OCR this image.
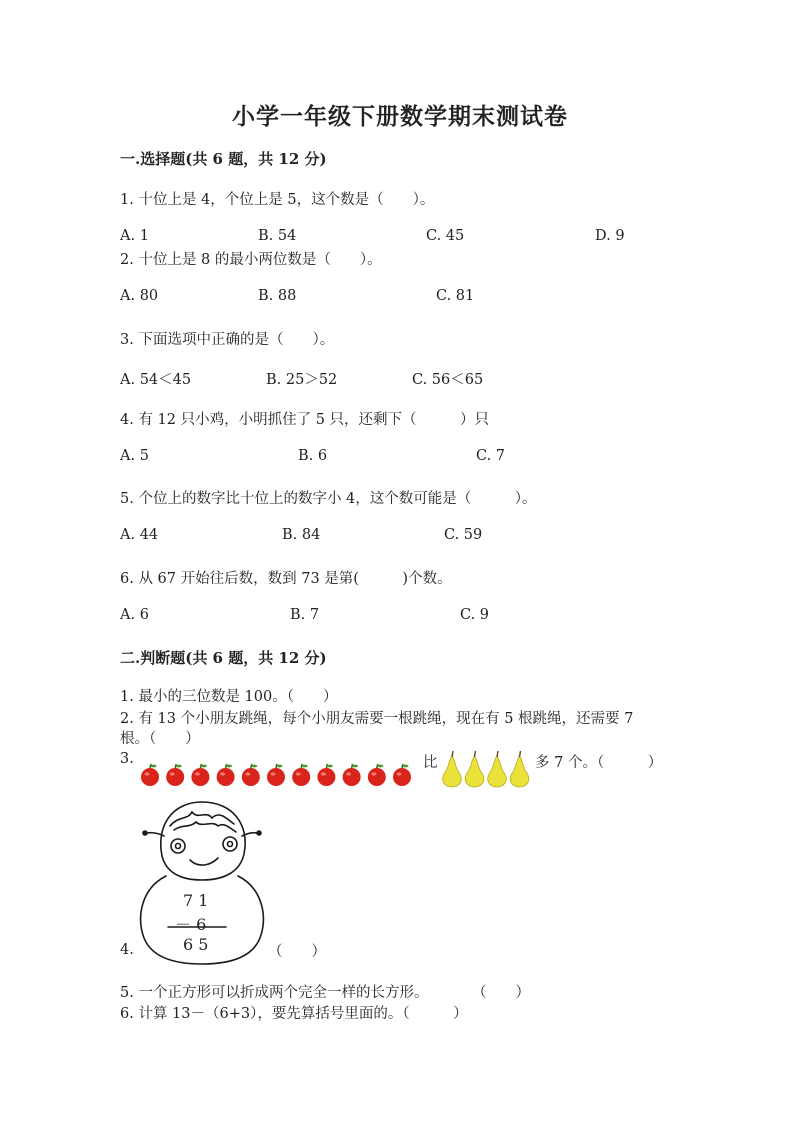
小学一年级下册数学期末测试卷
一.选择题(共 6 题，共 12 分)
1. 十位上是 4，个位上是 5，这个数是（　　）。
A. 1	B. 54	C. 45	D. 9
2. 十位上是 8 的最小两位数是（　　）。
A. 80	B. 88	C. 81
3. 下面选项中正确的是（　　）。
A. 54＜45	B. 25＞52	C. 56＜65
4. 有 12 只小鸡，小明抓住了 5 只，还剩下（　　　）只
A. 5	B. 6	C. 7
5. 个位上的数字比十位上的数字小 4，这个数可能是（　　　）。
A. 44	B. 84	C. 59
6. 从 67 开始往后数，数到 73 是第(　　　)个数。
A. 6	B. 7	C. 9
二.判断题(共 6 题，共 12 分)
1. 最小的三位数是 100。（　　）
2. 有 13 个小朋友跳绳，每个小朋友需要一根跳绳，现在有 5 根跳绳，还需要 7
根。（　　）
3.	比	多 7 个。（　　　）
7 1
－ 6
6 5
4.	（　　）
5. 一个正方形可以折成两个完全一样的长方形。　　　　（　　）
6. 计算 13－（6+3），要先算括号里面的。（　　　）
